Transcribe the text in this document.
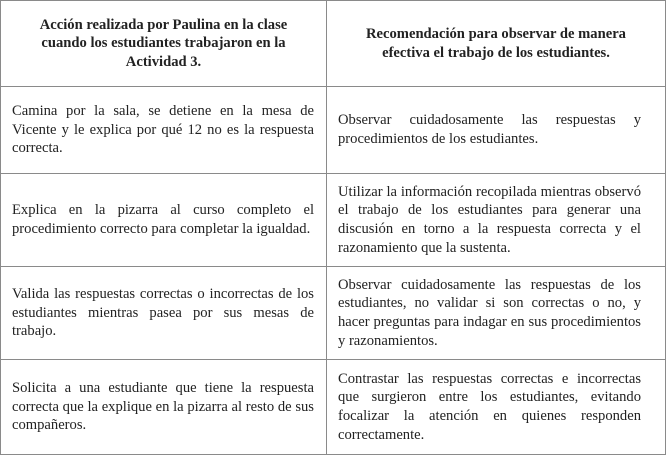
Acción realizada por Paulina en la clase cuando los estudiantes trabajaron en la Actividad 3.	Recomendación para observar de manera efectiva el trabajo de los estudiantes.

Camina por la sala, se detiene en la mesa de Vicente y le explica por qué 12 no es la respuesta correcta.	Observar cuidadosamente las respuestas y procedimientos de los estudiantes.

Explica en la pizarra al curso completo el procedimiento correcto para completar la igualdad.	Utilizar la información recopilada mientras observó el trabajo de los estudiantes para generar una discusión en torno a la respuesta correcta y el razonamiento que la sustenta.

Valida las respuestas correctas o incorrectas de los estudiantes mientras pasea por sus mesas de trabajo.	Observar cuidadosamente las respuestas de los estudiantes, no validar si son correctas o no, y hacer preguntas para indagar en sus procedimientos y razonamientos.

Solicita a una estudiante que tiene la respuesta correcta que la explique en la pizarra al resto de sus compañeros.	Contrastar las respuestas correctas e incorrectas que surgieron entre los estudiantes, evitando focalizar la atención en quienes responden correctamente.
